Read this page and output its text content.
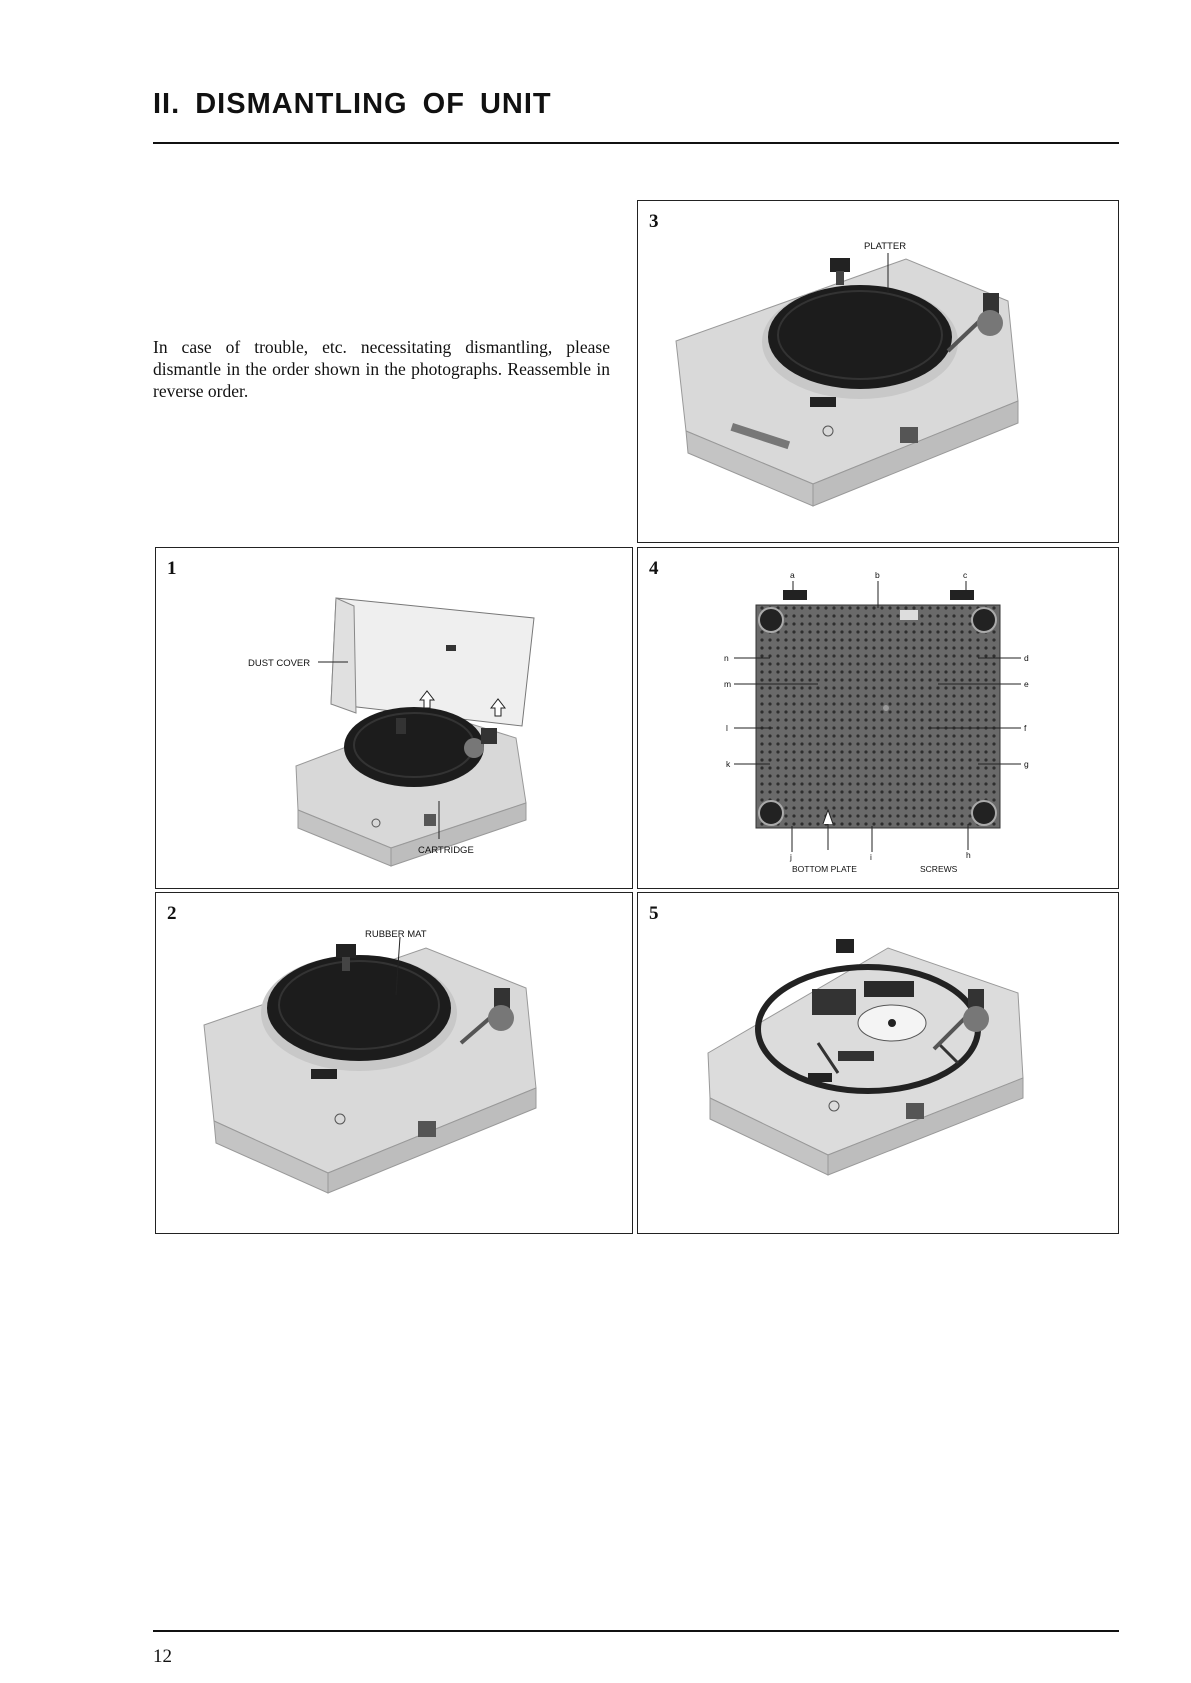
II. DISMANTLING OF UNIT

In case of trouble, etc. necessitating dismantling, please dismantle in the order shown in the photographs. Reassemble in reverse order.

3
PLATTER
1
DUST COVER
CARTRIDGE
4	a	b	c
d
e
f
g
h
i
j
k
l
m
n
BOTTOM PLATE	SCREWS
2
RUBBER MAT
5
12
